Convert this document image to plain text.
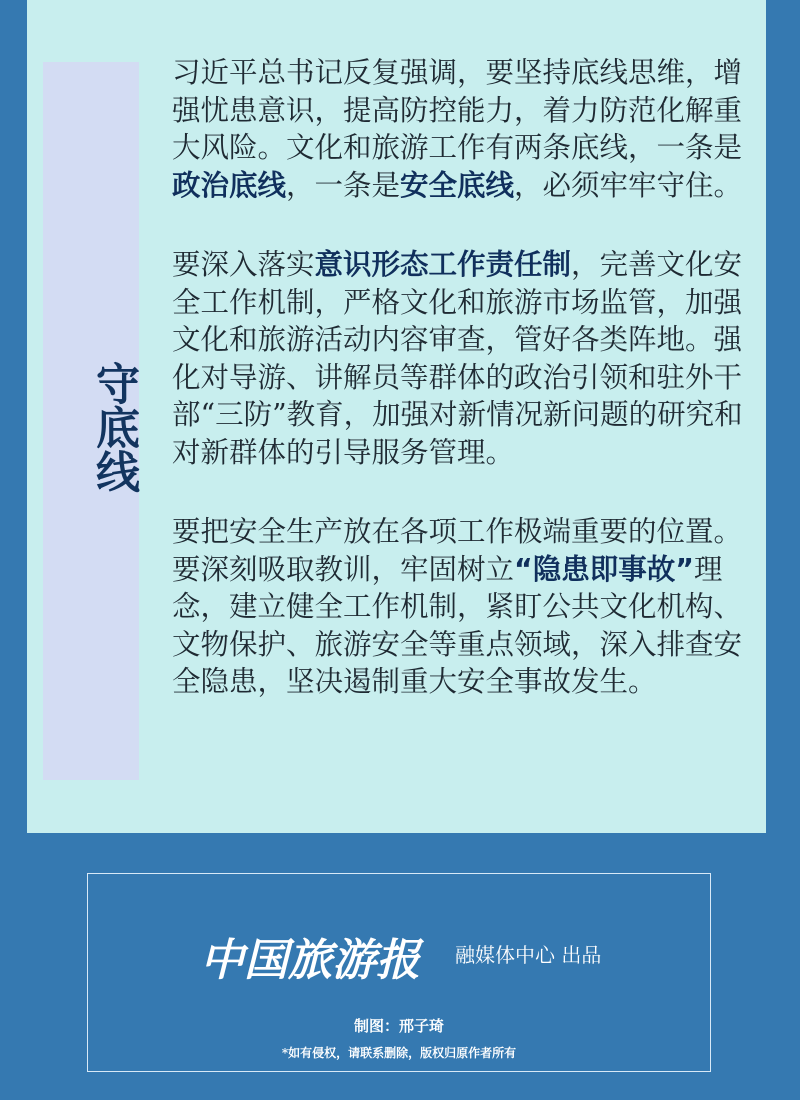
守底线

习近平总书记反复强调，要坚持底线思维，增强忧患意识，提高防控能力，着力防范化解重大风险。文化和旅游工作有两条底线，一条是政治底线，一条是安全底线，必须牢牢守住。

要深入落实意识形态工作责任制，完善文化安全工作机制，严格文化和旅游市场监管，加强文化和旅游活动内容审查，管好各类阵地。强化对导游、讲解员等群体的政治引领和驻外干部“三防”教育，加强对新情况新问题的研究和对新群体的引导服务管理。

要把安全生产放在各项工作极端重要的位置。要深刻吸取教训，牢固树立“隐患即事故”理念，建立健全工作机制，紧盯公共文化机构、文物保护、旅游安全等重点领域，深入排查安全隐患，坚决遏制重大安全事故发生。

中国旅游报 融媒体中心 出品
制图：邢子琦
*如有侵权，请联系删除，版权归原作者所有
